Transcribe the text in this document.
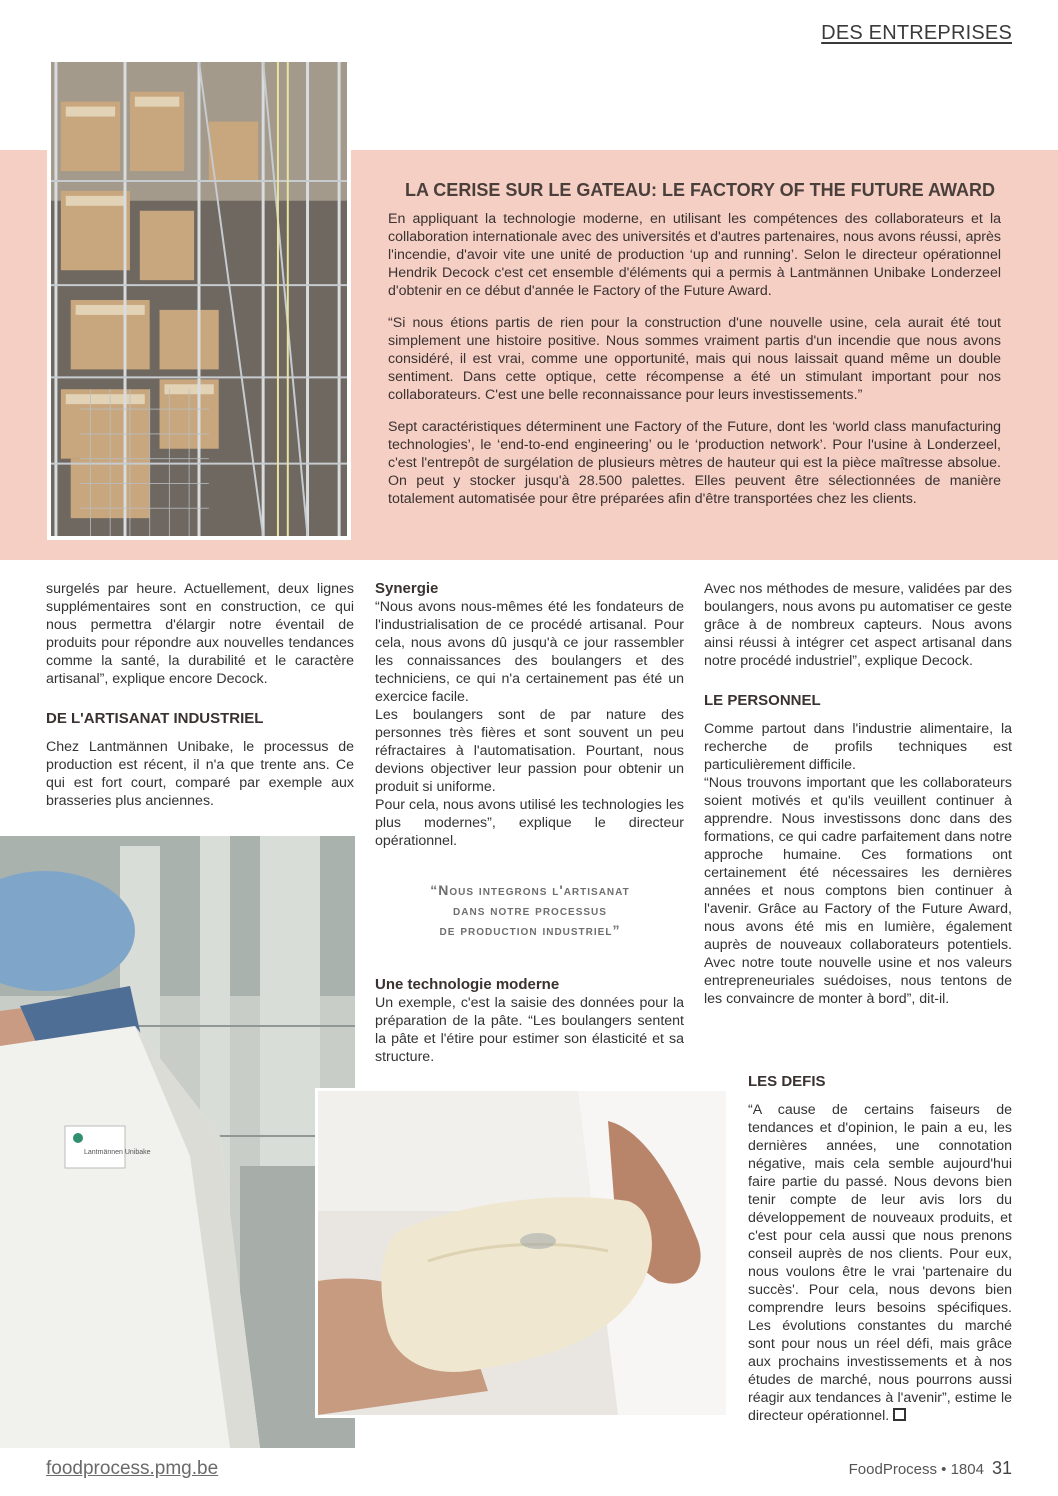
DES ENTREPRISES
LA CERISE SUR LE GATEAU: LE FACTORY OF THE FUTURE AWARD

En appliquant la technologie moderne, en utilisant les compétences des collaborateurs et la collaboration internationale avec des universités et d'autres partenaires, nous avons réussi, après l'incendie, d'avoir vite une unité de production ‘up and running’. Selon le directeur opérationnel Hendrik Decock c'est cet ensemble d'éléments qui a permis à Lantmännen Unibake Londerzeel d'obtenir en ce début d'année le Factory of the Future Award.

“Si nous étions partis de rien pour la construction d'une nouvelle usine, cela aurait été tout simplement une histoire positive. Nous sommes vraiment partis d'un incendie que nous avons considéré, il est vrai, comme une opportunité, mais qui nous laissait quand même un double sentiment. Dans cette optique, cette récompense a été un stimulant important pour nos collaborateurs. C'est une belle reconnaissance pour leurs investissements.”

Sept caractéristiques déterminent une Factory of the Future, dont les ‘world class manufacturing technologies’, le ‘end-to-end engineering’ ou le ‘production network’. Pour l'usine à Londerzeel, c'est l'entrepôt de surgélation de plusieurs mètres de hauteur qui est la pièce maîtresse absolue. On peut y stocker jusqu'à 28.500 palettes. Elles peuvent être sélectionnées de manière totalement automatisée pour être préparées afin d'être transportées chez les clients.

surgelés par heure. Actuellement, deux lignes supplémentaires sont en construction, ce qui nous permettra d'élargir notre éventail de produits pour répondre aux nouvelles tendances comme la santé, la durabilité et le caractère artisanal”, explique encore Decock.

DE L'ARTISANAT INDUSTRIEL

Chez Lantmännen Unibake, le processus de production est récent, il n'a que trente ans. Ce qui est fort court, comparé par exemple aux brasseries plus anciennes.

Lantmännen Unibake
Synergie

“Nous avons nous-mêmes été les fondateurs de l'industrialisation de ce procédé artisanal. Pour cela, nous avons dû jusqu'à ce jour rassembler les connaissances des boulangers et des techniciens, ce qui n'a certainement pas été un exercice facile.

Les boulangers sont de par nature des personnes très fières et sont souvent un peu réfractaires à l'automatisation. Pourtant, nous devions objectiver leur passion pour obtenir un produit si uniforme.

Pour cela, nous avons utilisé les technologies les plus modernes”, explique le directeur opérationnel.

“Nous integrons l'artisanat
dans notre processus
de production industriel”
Une technologie moderne

Un exemple, c'est la saisie des données pour la préparation de la pâte. “Les boulangers sentent la pâte et l'étire pour estimer son élasticité et sa structure.

Avec nos méthodes de mesure, validées par des boulangers, nous avons pu automatiser ce geste grâce à de nombreux capteurs. Nous avons ainsi réussi à intégrer cet aspect artisanal dans notre procédé industriel”, explique Decock.

LE PERSONNEL

Comme partout dans l'industrie alimentaire, la recherche de profils techniques est particulièrement difficile.

“Nous trouvons important que les collaborateurs soient motivés et qu'ils veuillent continuer à apprendre. Nous investissons donc dans des formations, ce qui cadre parfaitement dans notre approche humaine. Ces formations ont certainement été nécessaires les dernières années et nous comptons bien continuer à l'avenir. Grâce au Factory of the Future Award, nous avons été mis en lumière, également auprès de nouveaux collaborateurs potentiels. Avec notre toute nouvelle usine et nos valeurs entrepreneuriales suédoises, nous tentons de les convaincre de monter à bord”, dit-il.

LES DEFIS

“A cause de certains faiseurs de tendances et d'opinion, le pain a eu, les dernières années, une connotation négative, mais cela semble aujourd'hui faire partie du passé. Nous devons bien tenir compte de leur avis lors du développement de nouveaux produits, et c'est pour cela aussi que nous prenons conseil auprès de nos clients. Pour eux, nous voulons être le vrai 'partenaire du succès'. Pour cela, nous devons bien comprendre leurs besoins spécifiques. Les évolutions constantes du marché sont pour nous un réel défi, mais grâce aux prochains investissements et à nos études de marché, nous pourrons aussi réagir aux tendances à l'avenir”, estime le directeur opérationnel.

foodprocess.pmg.be	FoodProcess • 1804 31
